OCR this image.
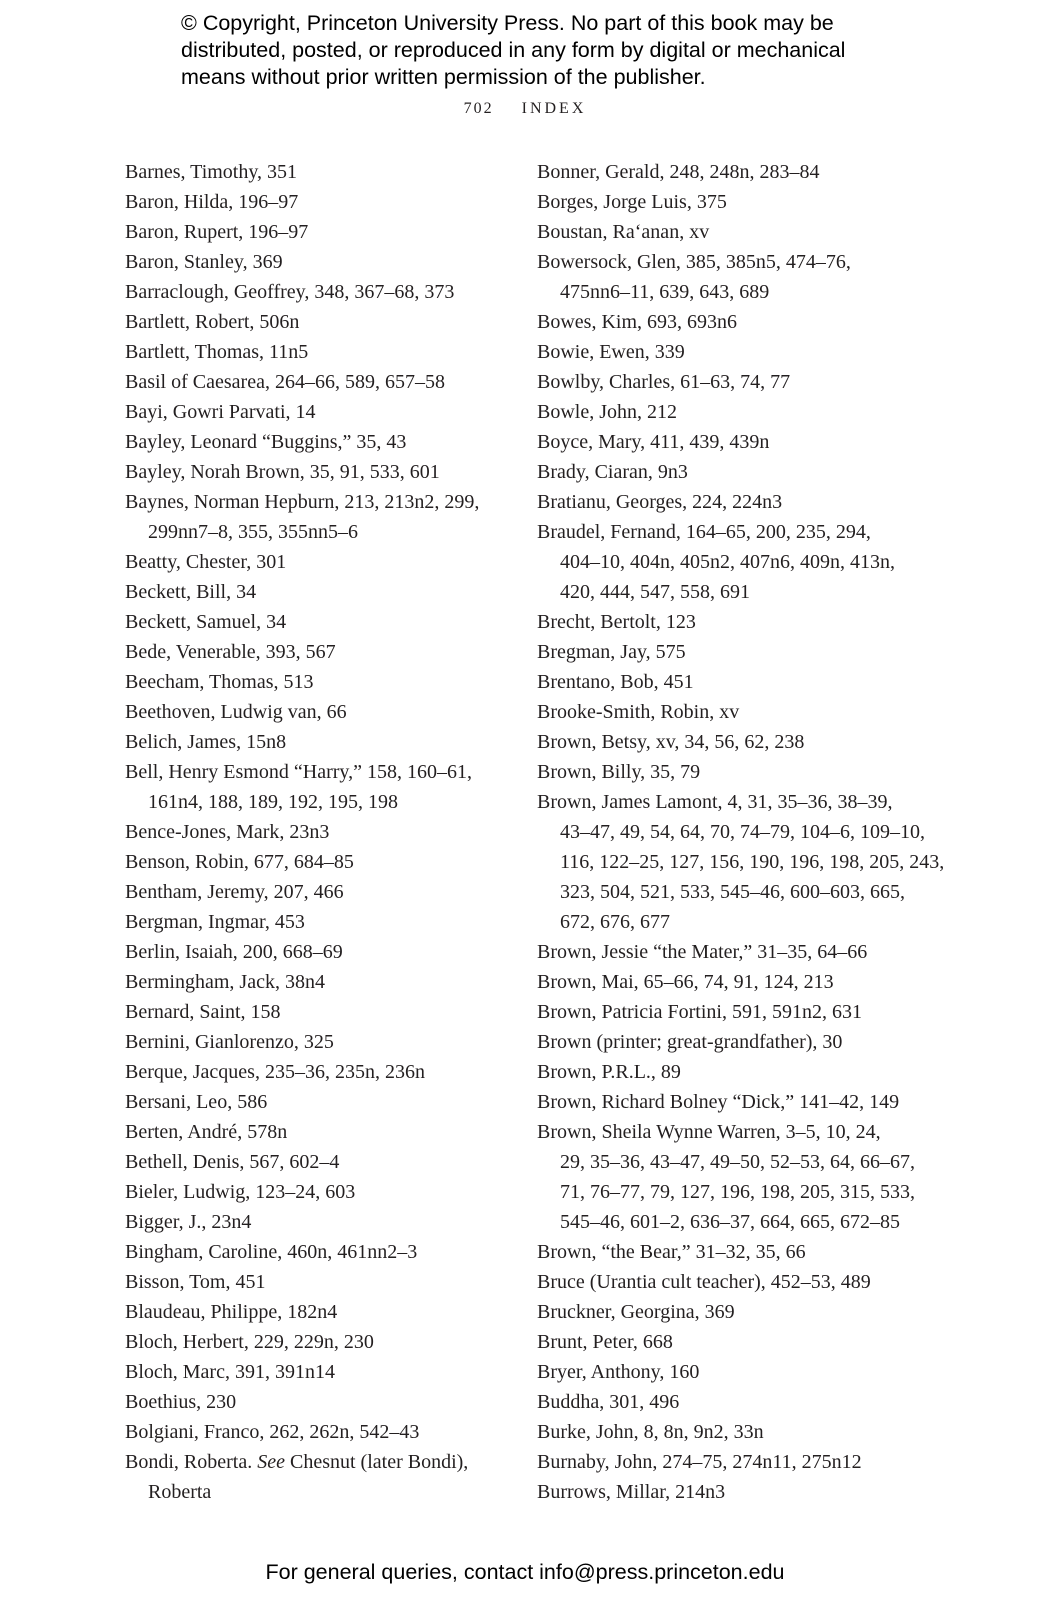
© Copyright, Princeton University Press. No part of this book may be
distributed, posted, or reproduced in any form by digital or mechanical
means without prior written permission of the publisher.
702 INDEX
Barnes, Timothy, 351
Baron, Hilda, 196–97
Baron, Rupert, 196–97
Baron, Stanley, 369
Barraclough, Geoffrey, 348, 367–68, 373
Bartlett, Robert, 506n
Bartlett, Thomas, 11n5
Basil of Caesarea, 264–66, 589, 657–58
Bayi, Gowri Parvati, 14
Bayley, Leonard “Buggins,” 35, 43
Bayley, Norah Brown, 35, 91, 533, 601
Baynes, Norman Hepburn, 213, 213n2, 299,
299nn7–8, 355, 355nn5–6
Beatty, Chester, 301
Beckett, Bill, 34
Beckett, Samuel, 34
Bede, Venerable, 393, 567
Beecham, Thomas, 513
Beethoven, Ludwig van, 66
Belich, James, 15n8
Bell, Henry Esmond “Harry,” 158, 160–61,
161n4, 188, 189, 192, 195, 198
Bence-Jones, Mark, 23n3
Benson, Robin, 677, 684–85
Bentham, Jeremy, 207, 466
Bergman, Ingmar, 453
Berlin, Isaiah, 200, 668–69
Bermingham, Jack, 38n4
Bernard, Saint, 158
Bernini, Gianlorenzo, 325
Berque, Jacques, 235–36, 235n, 236n
Bersani, Leo, 586
Berten, André, 578n
Bethell, Denis, 567, 602–4
Bieler, Ludwig, 123–24, 603
Bigger, J., 23n4
Bingham, Caroline, 460n, 461nn2–3
Bisson, Tom, 451
Blaudeau, Philippe, 182n4
Bloch, Herbert, 229, 229n, 230
Bloch, Marc, 391, 391n14
Boethius, 230
Bolgiani, Franco, 262, 262n, 542–43
Bondi, Roberta. See Chesnut (later Bondi),
Roberta
Bonner, Gerald, 248, 248n, 283–84
Borges, Jorge Luis, 375
Boustan, Ra‘anan, xv
Bowersock, Glen, 385, 385n5, 474–76,
475nn6–11, 639, 643, 689
Bowes, Kim, 693, 693n6
Bowie, Ewen, 339
Bowlby, Charles, 61–63, 74, 77
Bowle, John, 212
Boyce, Mary, 411, 439, 439n
Brady, Ciaran, 9n3
Bratianu, Georges, 224, 224n3
Braudel, Fernand, 164–65, 200, 235, 294,
404–10, 404n, 405n2, 407n6, 409n, 413n,
420, 444, 547, 558, 691
Brecht, Bertolt, 123
Bregman, Jay, 575
Brentano, Bob, 451
Brooke-Smith, Robin, xv
Brown, Betsy, xv, 34, 56, 62, 238
Brown, Billy, 35, 79
Brown, James Lamont, 4, 31, 35–36, 38–39,
43–47, 49, 54, 64, 70, 74–79, 104–6, 109–10,
116, 122–25, 127, 156, 190, 196, 198, 205, 243,
323, 504, 521, 533, 545–46, 600–603, 665,
672, 676, 677
Brown, Jessie “the Mater,” 31–35, 64–66
Brown, Mai, 65–66, 74, 91, 124, 213
Brown, Patricia Fortini, 591, 591n2, 631
Brown (printer; great-grandfather), 30
Brown, P.R.L., 89
Brown, Richard Bolney “Dick,” 141–42, 149
Brown, Sheila Wynne Warren, 3–5, 10, 24,
29, 35–36, 43–47, 49–50, 52–53, 64, 66–67,
71, 76–77, 79, 127, 196, 198, 205, 315, 533,
545–46, 601–2, 636–37, 664, 665, 672–85
Brown, “the Bear,” 31–32, 35, 66
Bruce (Urantia cult teacher), 452–53, 489
Bruckner, Georgina, 369
Brunt, Peter, 668
Bryer, Anthony, 160
Buddha, 301, 496
Burke, John, 8, 8n, 9n2, 33n
Burnaby, John, 274–75, 274n11, 275n12
Burrows, Millar, 214n3
For general queries, contact info@press.princeton.edu
